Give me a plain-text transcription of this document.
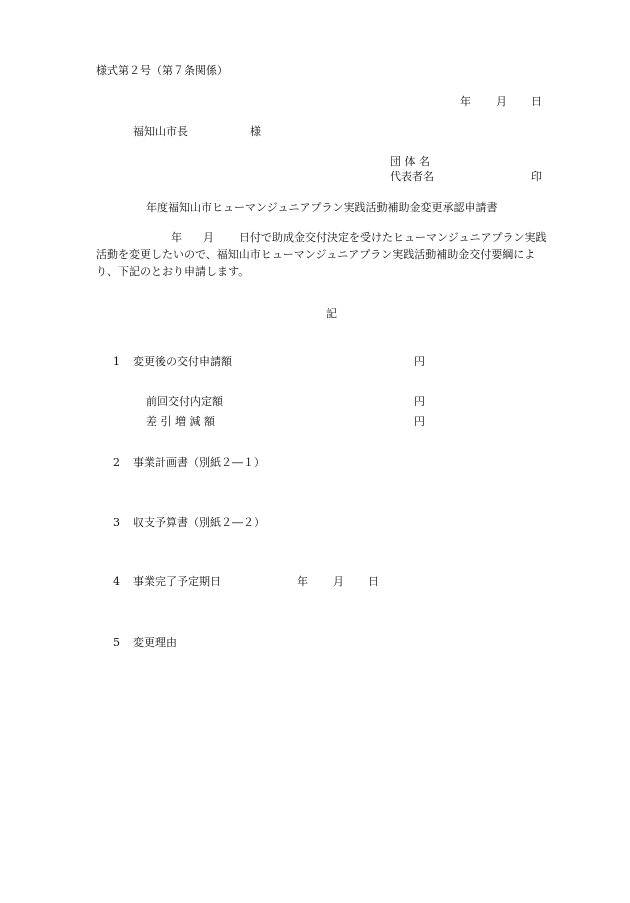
様式第２号（第７条関係）
年 月 日
福知山市長	様
団 体 名
代表者名	印
年度福知山市ヒューマンジュニアプラン実践活動補助金変更承認申請書
年 月 日付で助成金交付決定を受けたヒューマンジュニアプラン実践
活動を変更したいので、福知山市ヒューマンジュニアプラン実践活動補助金交付要綱によ
り、下記のとおり申請します。
記
1 変更後の交付申請額	円
前回交付内定額	円
差 引 増 減 額	円
2 事業計画書（別紙２―１）
3 収支予算書（別紙２―２）
4 事業完了予定期日	年 月 日
5 変更理由
